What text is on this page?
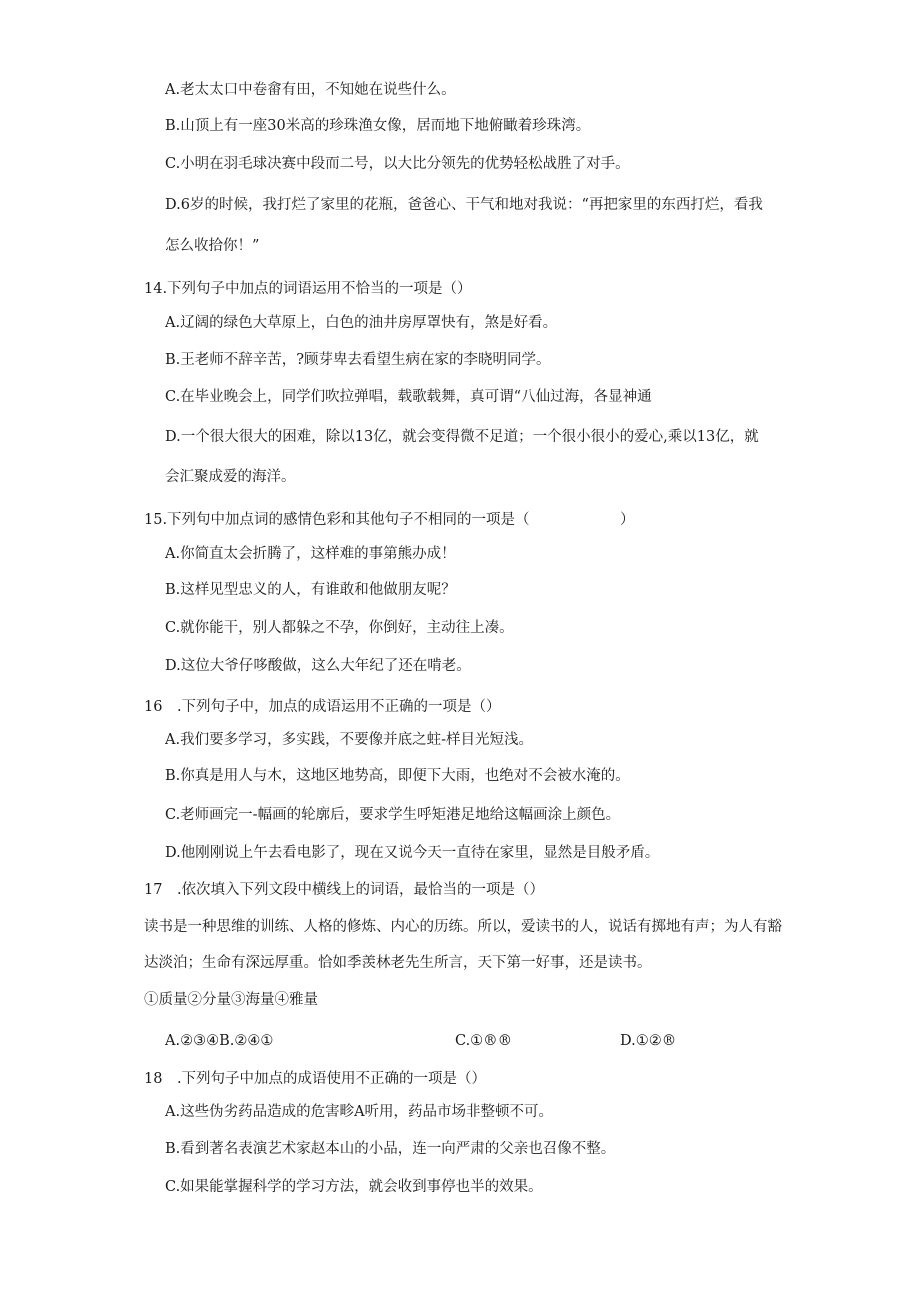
A.老太太口中卷畲有田，不知她在说些什么。
B.山顶上有一座30米高的珍珠渔女像，居而地下地俯瞰着珍珠湾。
C.小明在羽毛球决赛中段而二号，以大比分领先的优势轻松战胜了对手。
D.6岁的时候，我打烂了家里的花瓶，爸爸心、干气和地对我说：“再把家里的东西打烂，看我
怎么收拾你！”
14.下列句子中加点的词语运用不恰当的一项是（）
A.辽阔的绿色大草原上，白色的油井房厚罩快有，煞是好看。
B.王老师不辞辛苦，?顾芽卑去看望生病在家的李晓明同学。
C.在毕业晚会上，同学们吹拉弹唱，载歌载舞，真可谓“八仙过海，各显神通
D.一个很大很大的困难，除以13亿，就会变得微不足道；一个很小很小的爱心,乘以13亿，就
会汇聚成爱的海洋。
15.下列句中加点词的感情色彩和其他句子不相同的一项是（	）
A.你简直太会折腾了，这样难的事第熊办成！
B.这样见型忠义的人，有谁敢和他做朋友呢？
C.就你能干，别人都躲之不孕，你倒好，主动往上凑。
D.这位大爷仔哆酸做，这么大年纪了还在啃老。
16　.下列句子中，加点的成语运用不正确的一项是（）
A.我们要多学习，多实践，不要像并底之蛀-样目光短浅。
B.你真是用人与木，这地区地势高，即便下大雨，也绝对不会被水淹的。
C.老师画完一-幅画的轮廓后，要求学生呼矩港足地给这幅画涂上颜色。
D.他刚刚说上午去看电影了，现在又说今天一直待在家里，显然是目般矛盾。
17　.依次填入下列文段中横线上的词语，最恰当的一项是（）
读书是一种思维的训练、人格的修炼、内心的历练。所以，爱读书的人，说话有掷地有声；为人有豁
达淡泊；生命有深远厚重。恰如季羡林老先生所言，天下第一好事，还是读书。
①质量②分量③海量④雅量
A.②③④B.②④①	C.①®®	D.①②®
18　.下列句子中加点的成语使用不正确的一项是（）
A.这些伪劣药品造成的危害畛A听用，药品市场非整顿不可。
B.看到著名表演艺术家赵本山的小品，连一向严肃的父亲也召像不整。
C.如果能掌握科学的学习方法，就会收到事停也半的效果。
